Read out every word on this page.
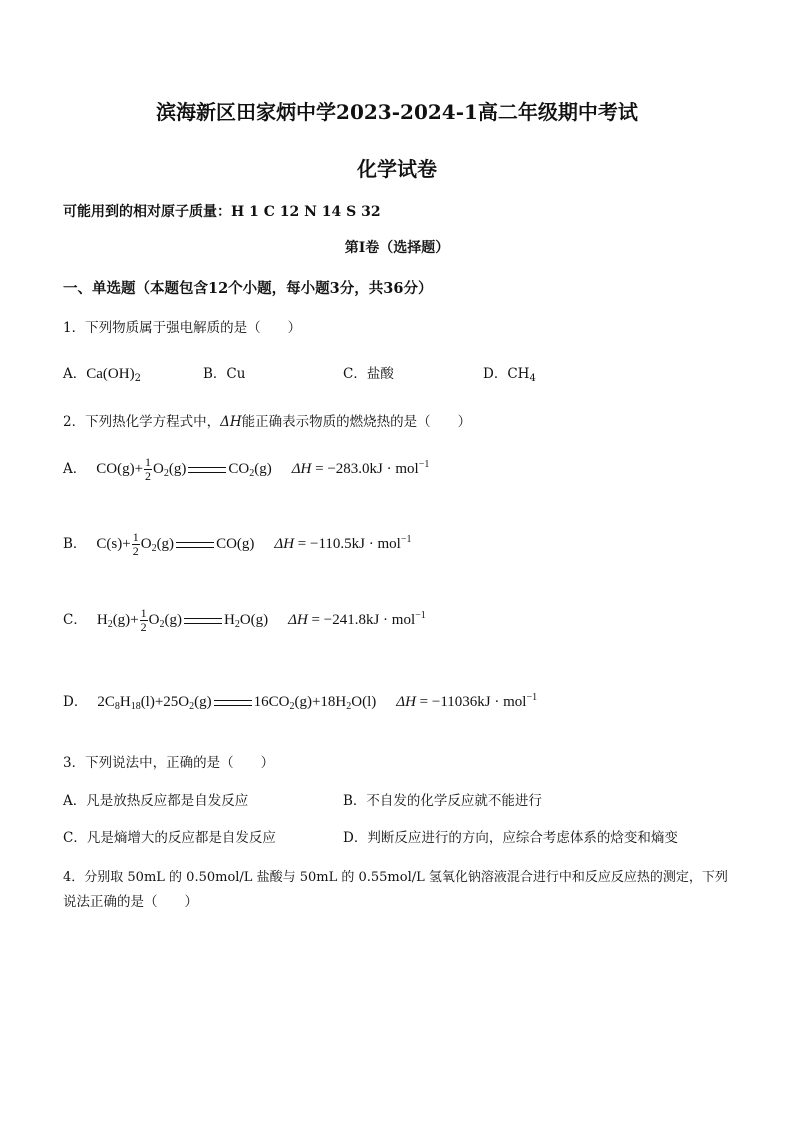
滨海新区田家炳中学2023-2024-1高二年级期中考试
化学试卷
可能用到的相对原子质量：H 1 C 12 N 14 S 32
第I卷（选择题）
一、单选题（本题包含12个小题，每小题3分，共36分）
1．下列物质属于强电解质的是（　　）
A．$Ca(OH)_2$	B．Cu	C．盐酸	D．$CH_4$
2．下列热化学方程式中，ΔH能正确表示物质的燃烧热的是（　　）
A． $CO(g)+ \frac{1}{2} O_2(g)$	$CO_2(g) \Delta H = -283.0kJ \cdot mol^{-1}$
B． $C(s)+ \frac{1}{2} O_2(g)$	CO(g) ΔH = −110.5kJ · mol$^{-1}$
C． $H_2(g)+ \frac{1}{2} O_2(g)$	$H_2O(g) \Delta H = -241.8kJ \cdot mol^{-1}$
D． $2C_8H_{18}(l)+25O_2(g)$	$16CO_2(g)+18H_2O(l) \Delta H = -11036kJ \cdot mol^{-1}$
3．下列说法中，正确的是（　　）
A．凡是放热反应都是自发反应	B．不自发的化学反应就不能进行
C．凡是熵增大的反应都是自发反应	D．判断反应进行的方向，应综合考虑体系的焓变和熵变
4．分别取 50mL 的 0.50mol/L 盐酸与 50mL 的 0.55mol/L 氢氧化钠溶液混合进行中和反应反应热的测定，下列
说法正确的是（　　）
